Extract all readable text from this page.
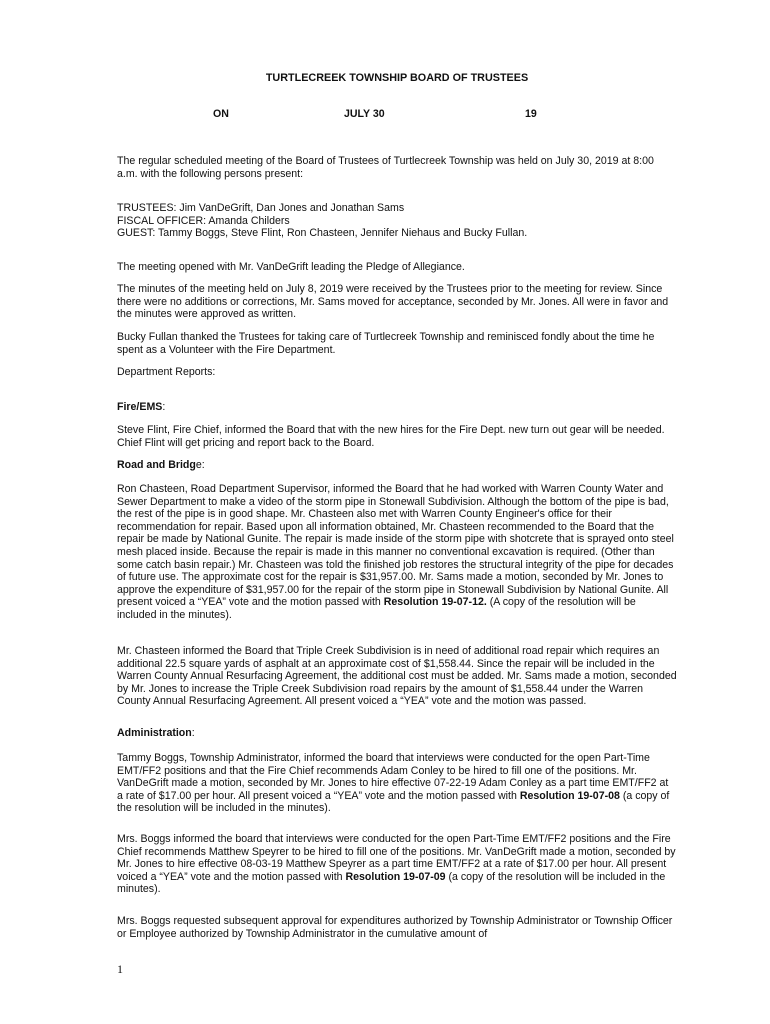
TURTLECREEK TOWNSHIP BOARD OF TRUSTEES
ON	JULY 30	19

The regular scheduled meeting of the Board of Trustees of Turtlecreek Township was held on July 30, 2019 at 8:00 a.m. with the following persons present:

TRUSTEES: Jim VanDeGrift, Dan Jones and Jonathan Sams
FISCAL OFFICER: Amanda Childers
GUEST: Tammy Boggs, Steve Flint, Ron Chasteen, Jennifer Niehaus and Bucky Fullan.

The meeting opened with Mr. VanDeGrift leading the Pledge of Allegiance.

The minutes of the meeting held on July 8, 2019 were received by the Trustees prior to the meeting for review. Since there were no additions or corrections, Mr. Sams moved for acceptance, seconded by Mr. Jones. All were in favor and the minutes were approved as written.

Bucky Fullan thanked the Trustees for taking care of Turtlecreek Township and reminisced fondly about the time he spent as a Volunteer with the Fire Department.

Department Reports:

Fire/EMS:

Steve Flint, Fire Chief, informed the Board that with the new hires for the Fire Dept. new turn out gear will be needed. Chief Flint will get pricing and report back to the Board.

Road and Bridge:

Ron Chasteen, Road Department Supervisor, informed the Board that he had worked with Warren County Water and Sewer Department to make a video of the storm pipe in Stonewall Subdivision. Although the bottom of the pipe is bad, the rest of the pipe is in good shape. Mr. Chasteen also met with Warren County Engineer's office for their recommendation for repair. Based upon all information obtained, Mr. Chasteen recommended to the Board that the repair be made by National Gunite. The repair is made inside of the storm pipe with shotcrete that is sprayed onto steel mesh placed inside. Because the repair is made in this manner no conventional excavation is required. (Other than some catch basin repair.) Mr. Chasteen was told the finished job restores the structural integrity of the pipe for decades of future use. The approximate cost for the repair is $31,957.00. Mr. Sams made a motion, seconded by Mr. Jones to approve the expenditure of $31,957.00 for the repair of the storm pipe in Stonewall Subdivision by National Gunite. All present voiced a “YEA” vote and the motion passed with Resolution 19-07-12. (A copy of the resolution will be included in the minutes).

Mr. Chasteen informed the Board that Triple Creek Subdivision is in need of additional road repair which requires an additional 22.5 square yards of asphalt at an approximate cost of $1,558.44. Since the repair will be included in the Warren County Annual Resurfacing Agreement, the additional cost must be added. Mr. Sams made a motion, seconded by Mr. Jones to increase the Triple Creek Subdivision road repairs by the amount of $1,558.44 under the Warren County Annual Resurfacing Agreement. All present voiced a “YEA” vote and the motion was passed.

Administration:

Tammy Boggs, Township Administrator, informed the board that interviews were conducted for the open Part-Time EMT/FF2 positions and that the Fire Chief recommends Adam Conley to be hired to fill one of the positions. Mr. VanDeGrift made a motion, seconded by Mr. Jones to hire effective 07-22-19 Adam Conley as a part time EMT/FF2 at a rate of $17.00 per hour. All present voiced a “YEA” vote and the motion passed with Resolution 19-07-08 (a copy of the resolution will be included in the minutes).

Mrs. Boggs informed the board that interviews were conducted for the open Part-Time EMT/FF2 positions and the Fire Chief recommends Matthew Speyrer to be hired to fill one of the positions. Mr. VanDeGrift made a motion, seconded by Mr. Jones to hire effective 08-03-19 Matthew Speyrer as a part time EMT/FF2 at a rate of $17.00 per hour. All present voiced a “YEA” vote and the motion passed with Resolution 19-07-09 (a copy of the resolution will be included in the minutes).

Mrs. Boggs requested subsequent approval for expenditures authorized by Township Administrator or Township Officer or Employee authorized by Township Administrator in the cumulative amount of

1
